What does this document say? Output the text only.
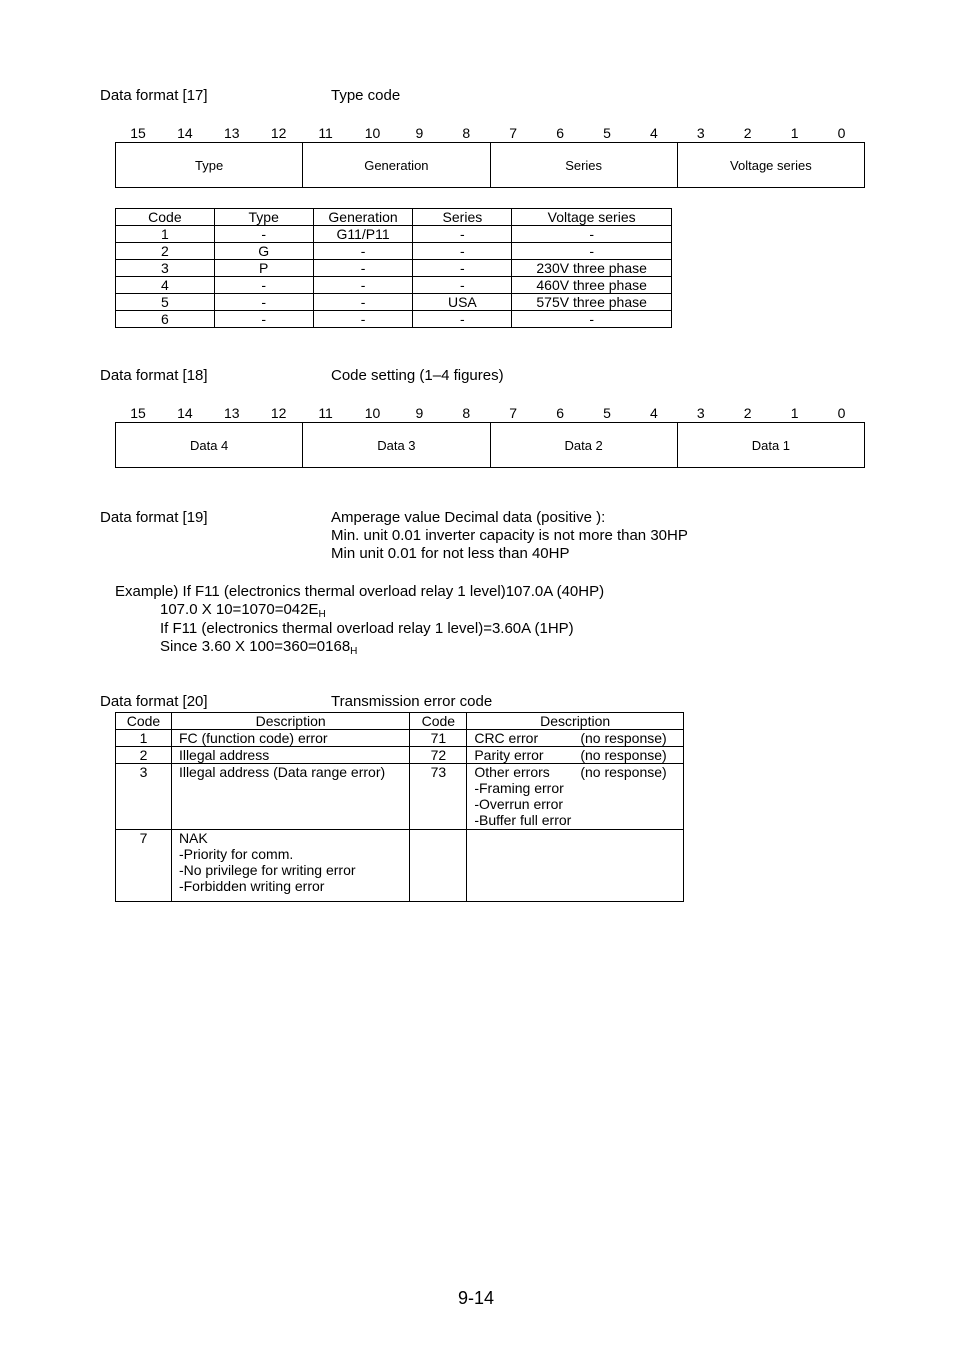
Data format [17]	Type code
15	14	13	12	11	10	9	8	7	6	5	4	3	2	1	0
Type	Generation	Series	Voltage series
Code	Type	Generation	Series	Voltage series
1	-	G11/P11	-	-
2	G	-	-	-
3	P	-	-	230V three phase
4	-	-	-	460V three phase
5	-	-	USA	575V three phase
6	-	-	-	-
Data format [18]	Code setting (1–4 figures)
15	14	13	12	11	10	9	8	7	6	5	4	3	2	1	0
Data 4	Data 3	Data 2	Data 1
Data format [19]	Amperage value Decimal data (positive ):
Min. unit 0.01 inverter capacity is not more than 30HP
Min unit 0.01 for not less than 40HP
Example) If F11 (electronics thermal overload relay 1 level)107.0A (40HP)
107.0 X $10=1070=042E_H$
If F11 (electronics thermal overload relay 1 level)=3.60A (1HP)
Since 3.60 X $100=360=0168_H$
Data format [20]	Transmission error code
Code	Description	Code	Description
1	FC (function code) error	71	CRC error (no response)

2	Illegal address	72	Parity error (no response)

3	Illegal address (Data range error)	73	Other errors (no response)
-Framing error
-Overrun error
-Buffer full error

7	NAK
-Priority for comm.
-No privilege for writing error
-Forbidden writing error		

9-14
